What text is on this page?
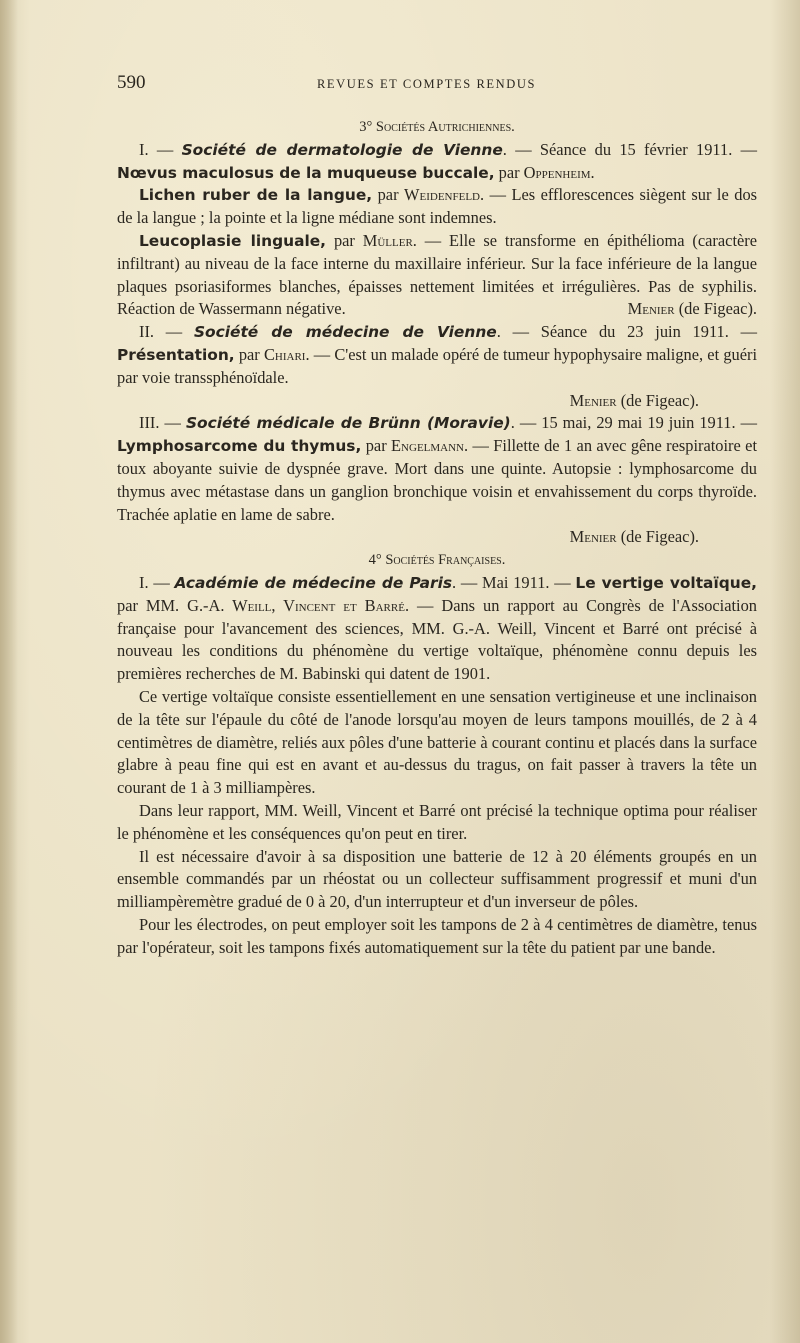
590	REVUES ET COMPTES RENDUS

3° Sociétés Autrichiennes.

I. — Société de dermatologie de Vienne. — Séance du 15 février 1911. — Nœvus maculosus de la muqueuse buccale, par Oppenheim.

Lichen ruber de la langue, par Weidenfeld. — Les efflorescences siègent sur le dos de la langue ; la pointe et la ligne médiane sont indemnes.

Leucoplasie linguale, par Müller. — Elle se transforme en épithélioma (caractère infiltrant) au niveau de la face interne du maxillaire inférieur. Sur la face inférieure de la langue plaques psoriasiformes blanches, épaisses nettement limitées et irrégulières. Pas de syphilis. Réaction de Wassermann négative.	Menier (de Figeac).

II. — Société de médecine de Vienne. — Séance du 23 juin 1911. — Présentation, par Chiari. — C'est un malade opéré de tumeur hypophysaire maligne, et guéri par voie transsphénoïdale.

Menier (de Figeac).

III. — Société médicale de Brünn (Moravie). — 15 mai, 29 mai 19 juin 1911. — Lymphosarcome du thymus, par Engelmann. — Fillette de 1 an avec gêne respiratoire et toux aboyante suivie de dyspnée grave. Mort dans une quinte. Autopsie : lymphosarcome du thymus avec métastase dans un ganglion bronchique voisin et envahissement du corps thyroïde. Trachée aplatie en lame de sabre.

Menier (de Figeac).

4° Sociétés Françaises.

I. — Académie de médecine de Paris. — Mai 1911. — Le vertige voltaïque, par MM. G.-A. Weill, Vincent et Barré. — Dans un rapport au Congrès de l'Association française pour l'avancement des sciences, MM. G.-A. Weill, Vincent et Barré ont précisé à nouveau les conditions du phénomène du vertige voltaïque, phénomène connu depuis les premières recherches de M. Babinski qui datent de 1901.

Ce vertige voltaïque consiste essentiellement en une sensation vertigineuse et une inclinaison de la tête sur l'épaule du côté de l'anode lorsqu'au moyen de leurs tampons mouillés, de 2 à 4 centimètres de diamètre, reliés aux pôles d'une batterie à courant continu et placés dans la surface glabre à peau fine qui est en avant et au-dessus du tragus, on fait passer à travers la tête un courant de 1 à 3 milliampères.

Dans leur rapport, MM. Weill, Vincent et Barré ont précisé la technique optima pour réaliser le phénomène et les conséquences qu'on peut en tirer.

Il est nécessaire d'avoir à sa disposition une batterie de 12 à 20 éléments groupés en un ensemble commandés par un rhéostat ou un collecteur suffisamment progressif et muni d'un milliampèremètre gradué de 0 à 20, d'un interrupteur et d'un inverseur de pôles.

Pour les électrodes, on peut employer soit les tampons de 2 à 4 centimètres de diamètre, tenus par l'opérateur, soit les tampons fixés automatiquement sur la tête du patient par une bande.
